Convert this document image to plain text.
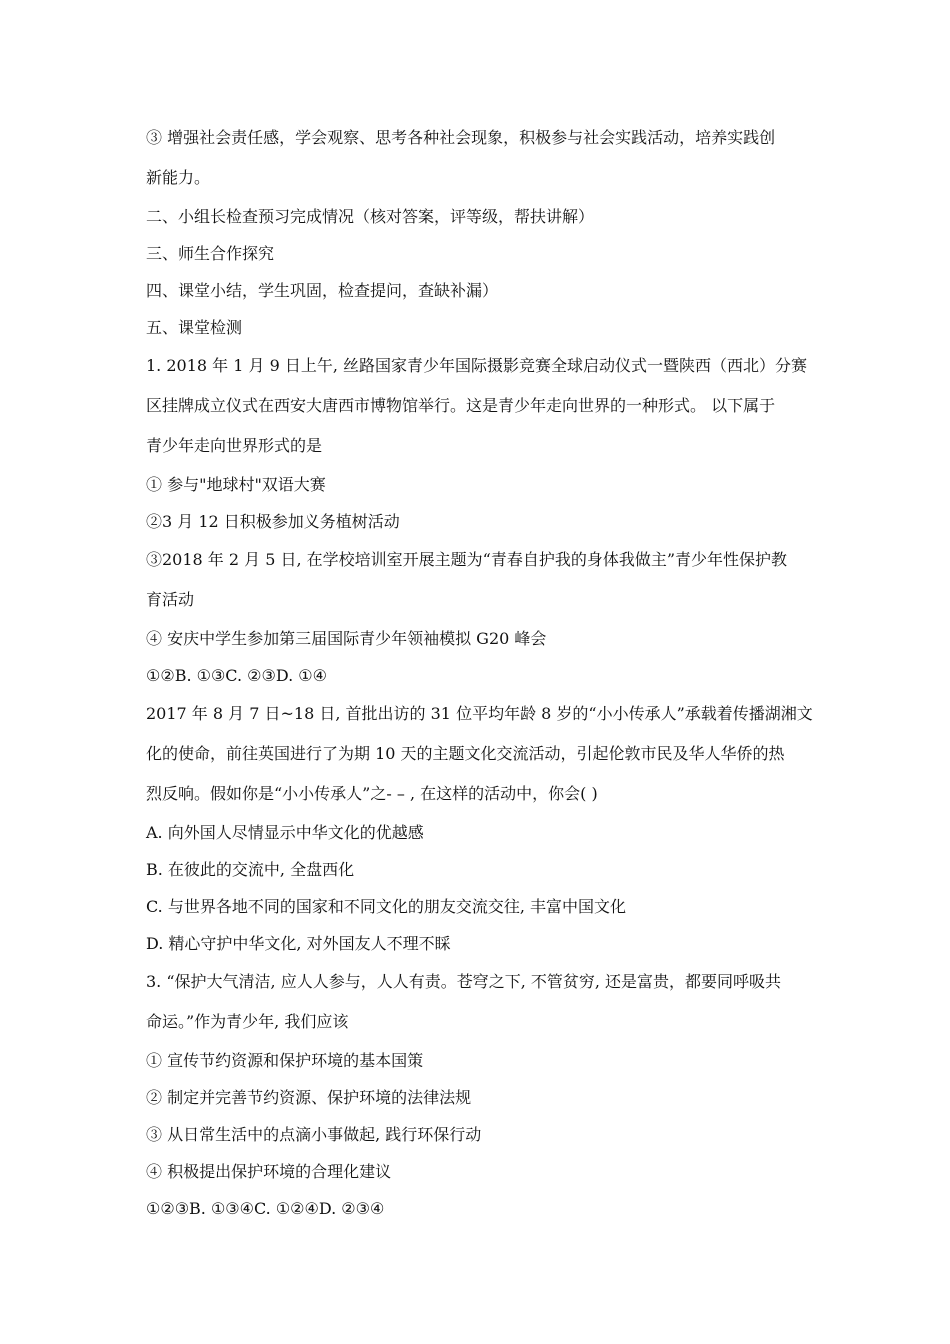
③ 增强社会责任感，学会观察、思考各种社会现象，积极参与社会实践活动，培养实践创

新能力。

二、小组长检查预习完成情况（核对答案，评等级，帮扶讲解）

三、师生合作探究

四、课堂小结，学生巩固，检查提问，查缺补漏）

五、课堂检测

1. 2018 年 1 月 9 日上午, 丝路国家青少年国际摄影竞赛全球启动仪式一暨陕西（西北）分赛

区挂牌成立仪式在西安大唐西市博物馆举行。这是青少年走向世界的一种形式。 以下属于

青少年走向世界形式的是

① 参与"地球村"双语大赛

②3 月 12 日积极参加义务植树活动

③2018 年 2 月 5 日, 在学校培训室开展主题为“青春自护我的身体我做主”青少年性保护教

育活动

④ 安庆中学生参加第三届国际青少年领袖模拟 G20 峰会

①②B. ①③C. ②③D. ①④

2017 年 8 月 7 日~18 日, 首批出访的 31 位平均年龄 8 岁的“小小传承人”承载着传播湖湘文

化的使命，前往英国进行了为期 10 天的主题文化交流活动，引起伦敦市民及华人华侨的热

烈反响。假如你是“小小传承人”之- – , 在这样的活动中，你会( )

A. 向外国人尽情显示中华文化的优越感

B. 在彼此的交流中, 全盘西化

C. 与世界各地不同的国家和不同文化的朋友交流交往, 丰富中国文化

D. 精心守护中华文化, 对外国友人不理不睬

3. “保护大气清洁, 应人人参与，人人有责。苍穹之下, 不管贫穷, 还是富贵，都要同呼吸共

命运。”作为青少年, 我们应该

① 宣传节约资源和保护环境的基本国策

② 制定并完善节约资源、保护环境的法律法规

③ 从日常生活中的点滴小事做起, 践行环保行动

④ 积极提出保护环境的合理化建议

①②③B. ①③④C. ①②④D. ②③④
